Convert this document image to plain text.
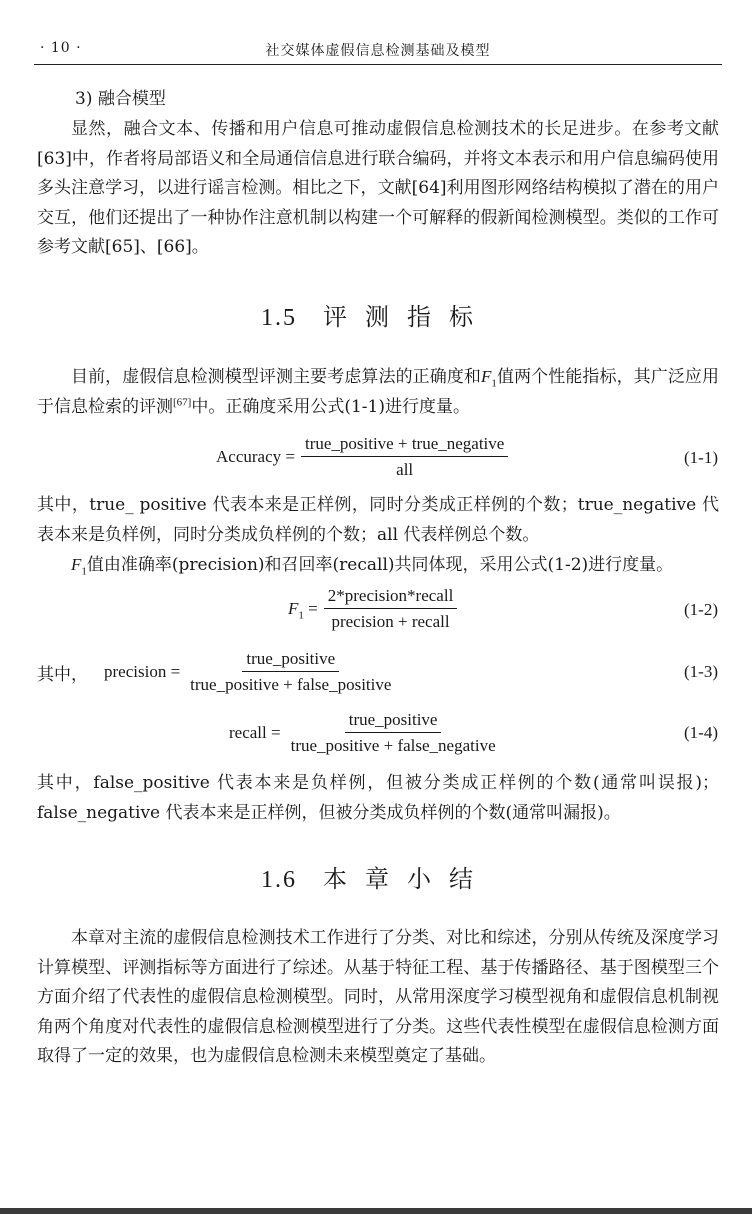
· 10 ·	社交媒体虚假信息检测基础及模型
3) 融合模型

显然，融合文本、传播和用户信息可推动虚假信息检测技术的长足进步。在参考文献[63]中，作者将局部语义和全局通信信息进行联合编码，并将文本表示和用户信息编码使用多头注意学习，以进行谣言检测。相比之下，文献[64]利用图形网络结构模拟了潜在的用户交互，他们还提出了一种协作注意机制以构建一个可解释的假新闻检测模型。类似的工作可参考文献[65]、[66]。

1.5 评测指标

目前，虚假信息检测模型评测主要考虑算法的正确度和$F_1$值两个性能指标，其广泛应用于信息检索的评测[67]中。正确度采用公式(1-1)进行度量。

Accuracy = $\frac{\text{true\_positive + true\_negative}}{\text{all}}$	(1-1)

其中，true_ positive 代表本来是正样例，同时分类成正样例的个数；true_negative 代表本来是负样例，同时分类成负样例的个数；all 代表样例总个数。

$F_1$值由准确率(precision)和召回率(recall)共同体现，采用公式(1-2)进行度量。

$F_1 = \frac{\text{2*precision*recall}}{\text{precision + recall}}$	(1-2)
其中， precision = $\frac{\text{true\_positive}}{\text{true\_positive + false\_positive}}$	(1-3)
recall = $\frac{\text{true\_positive}}{\text{true\_positive + false\_negative}}$	(1-4)

其中，false_positive 代表本来是负样例，但被分类成正样例的个数(通常叫误报)；false_negative 代表本来是正样例，但被分类成负样例的个数(通常叫漏报)。

1.6 本章小结

本章对主流的虚假信息检测技术工作进行了分类、对比和综述，分别从传统及深度学习计算模型、评测指标等方面进行了综述。从基于特征工程、基于传播路径、基于图模型三个方面介绍了代表性的虚假信息检测模型。同时，从常用深度学习模型视角和虚假信息机制视角两个角度对代表性的虚假信息检测模型进行了分类。这些代表性模型在虚假信息检测方面取得了一定的效果，也为虚假信息检测未来模型奠定了基础。
